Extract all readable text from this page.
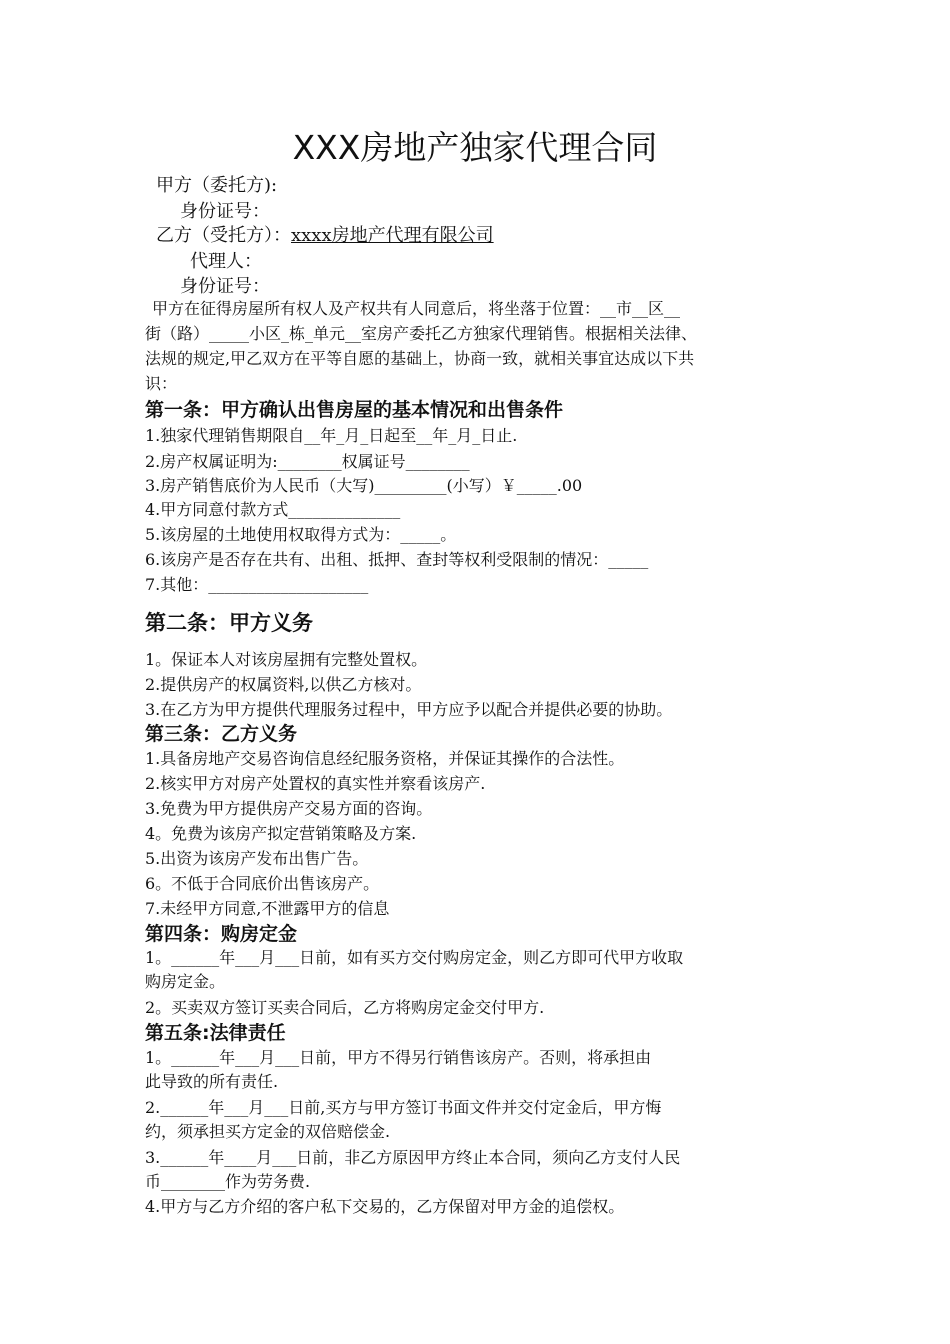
XXX房地产独家代理合同
甲方（委托方):
身份证号：
乙方（受托方）：xxxx房地产代理有限公司
代理人：
身份证号：
甲方在征得房屋所有权人及产权共有人同意后，将坐落于位置：__市__区__
街（路）_____小区_栋_单元__室房产委托乙方独家代理销售。根据相关法律、
法规的规定,甲乙双方在平等自愿的基础上，协商一致，就相关事宜达成以下共
识：
第一条：甲方确认出售房屋的基本情况和出售条件
1.独家代理销售期限自__年_月_日起至__年_月_日止.
2.房产权属证明为:________权属证号________
3.房产销售底价为人民币（大写)_________(小写）￥_____.00
4.甲方同意付款方式______________
5.该房屋的土地使用权取得方式为：_____。
6.该房产是否存在共有、出租、抵押、查封等权利受限制的情况：_____
7.其他：____________________
第二条：甲方义务
1。保证本人对该房屋拥有完整处置权。
2.提供房产的权属资料,以供乙方核对。
3.在乙方为甲方提供代理服务过程中，甲方应予以配合并提供必要的协助。
第三条：乙方义务
1.具备房地产交易咨询信息经纪服务资格，并保证其操作的合法性。
2.核实甲方对房产处置权的真实性并察看该房产.
3.免费为甲方提供房产交易方面的咨询。
4。免费为该房产拟定营销策略及方案.
5.出资为该房产发布出售广告。
6。不低于合同底价出售该房产。
7.未经甲方同意,不泄露甲方的信息
第四条：购房定金
1。______年___月___日前，如有买方交付购房定金，则乙方即可代甲方收取
购房定金。
2。买卖双方签订买卖合同后，乙方将购房定金交付甲方.
第五条:法律责任
1。______年___月___日前，甲方不得另行销售该房产。否则，将承担由
此导致的所有责任.
2.______年___月___日前,买方与甲方签订书面文件并交付定金后，甲方悔
约，须承担买方定金的双倍赔偿金.
3.______年____月___日前，非乙方原因甲方终止本合同，须向乙方支付人民
币________作为劳务费.
4.甲方与乙方介绍的客户私下交易的，乙方保留对甲方金的追偿权。
